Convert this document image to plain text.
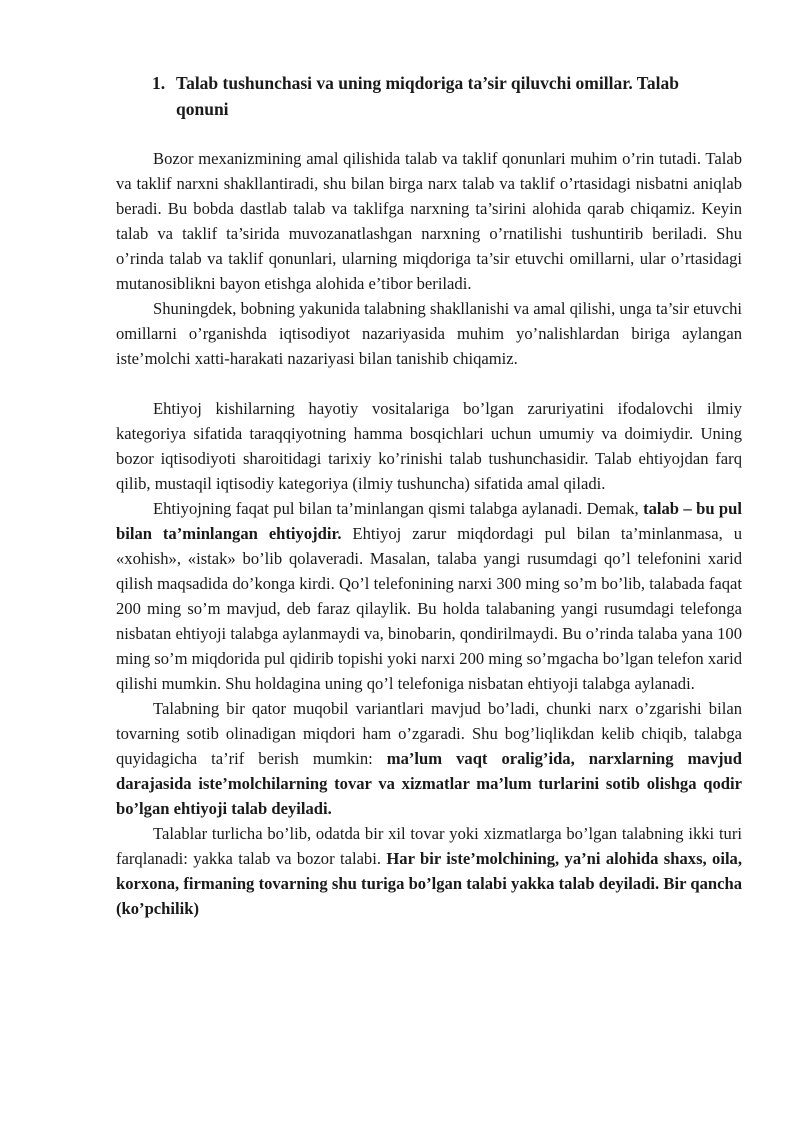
1. Talab tushunchasi va uning miqdoriga ta’sir qiluvchi omillar. Talab qonuni

Bozor mexanizmining amal qilishida talab va taklif qonunlari muhim o’rin tutadi. Talab va taklif narxni shakllantiradi, shu bilan birga narx talab va taklif o’rtasidagi nisbatni aniqlab beradi. Bu bobda dastlab talab va taklifga narxning ta’sirini alohida qarab chiqamiz. Keyin talab va taklif ta’sirida muvozanatlashgan narxning o’rnatilishi tushuntirib beriladi. Shu o’rinda talab va taklif qonunlari, ularning miqdoriga ta’sir etuvchi omillarni, ular o’rtasidagi mutanosiblikni bayon etishga alohida e’tibor beriladi.

Shuningdek, bobning yakunida talabning shakllanishi va amal qilishi, unga ta’sir etuvchi omillarni o’rganishda iqtisodiyot nazariyasida muhim yo’nalishlardan biriga aylangan iste’molchi xatti-harakati nazariyasi bilan tanishib chiqamiz.

Ehtiyoj kishilarning hayotiy vositalariga bo’lgan zaruriyatini ifodalovchi ilmiy kategoriya sifatida taraqqiyotning hamma bosqichlari uchun umumiy va doimiydir. Uning bozor iqtisodiyoti sharoitidagi tarixiy ko’rinishi talab tushunchasidir. Talab ehtiyojdan farq qilib, mustaqil iqtisodiy kategoriya (ilmiy tushuncha) sifatida amal qiladi.

Ehtiyojning faqat pul bilan ta’minlangan qismi talabga aylanadi. Demak, talab – bu pul bilan ta’minlangan ehtiyojdir. Ehtiyoj zarur miqdordagi pul bilan ta’minlanmasa, u «xohish», «istak» bo’lib qolaveradi. Masalan, talaba yangi rusumdagi qo’l telefonini xarid qilish maqsadida do’konga kirdi. Qo’l telefonining narxi 300 ming so’m bo’lib, talabada faqat 200 ming so’m mavjud, deb faraz qilaylik. Bu holda talabaning yangi rusumdagi telefonga nisbatan ehtiyoji talabga aylanmaydi va, binobarin, qondirilmaydi. Bu o’rinda talaba yana 100 ming so’m miqdorida pul qidirib topishi yoki narxi 200 ming so’mgacha bo’lgan telefon xarid qilishi mumkin. Shu holdagina uning qo’l telefoniga nisbatan ehtiyoji talabga aylanadi.

Talabning bir qator muqobil variantlari mavjud bo’ladi, chunki narx o’zgarishi bilan tovarning sotib olinadigan miqdori ham o’zgaradi. Shu bog’liqlikdan kelib chiqib, talabga quyidagicha ta’rif berish mumkin: ma’lum vaqt oralig’ida, narxlarning mavjud darajasida iste’molchilarning tovar va xizmatlar ma’lum turlarini sotib olishga qodir bo’lgan ehtiyoji talab deyiladi.

Talablar turlicha bo’lib, odatda bir xil tovar yoki xizmatlarga bo’lgan talabning ikki turi farqlanadi: yakka talab va bozor talabi. Har bir iste’molchining, ya’ni alohida shaxs, oila, korxona, firmaning tovarning shu turiga bo’lgan talabi yakka talab deyiladi. Bir qancha (ko’pchilik)
